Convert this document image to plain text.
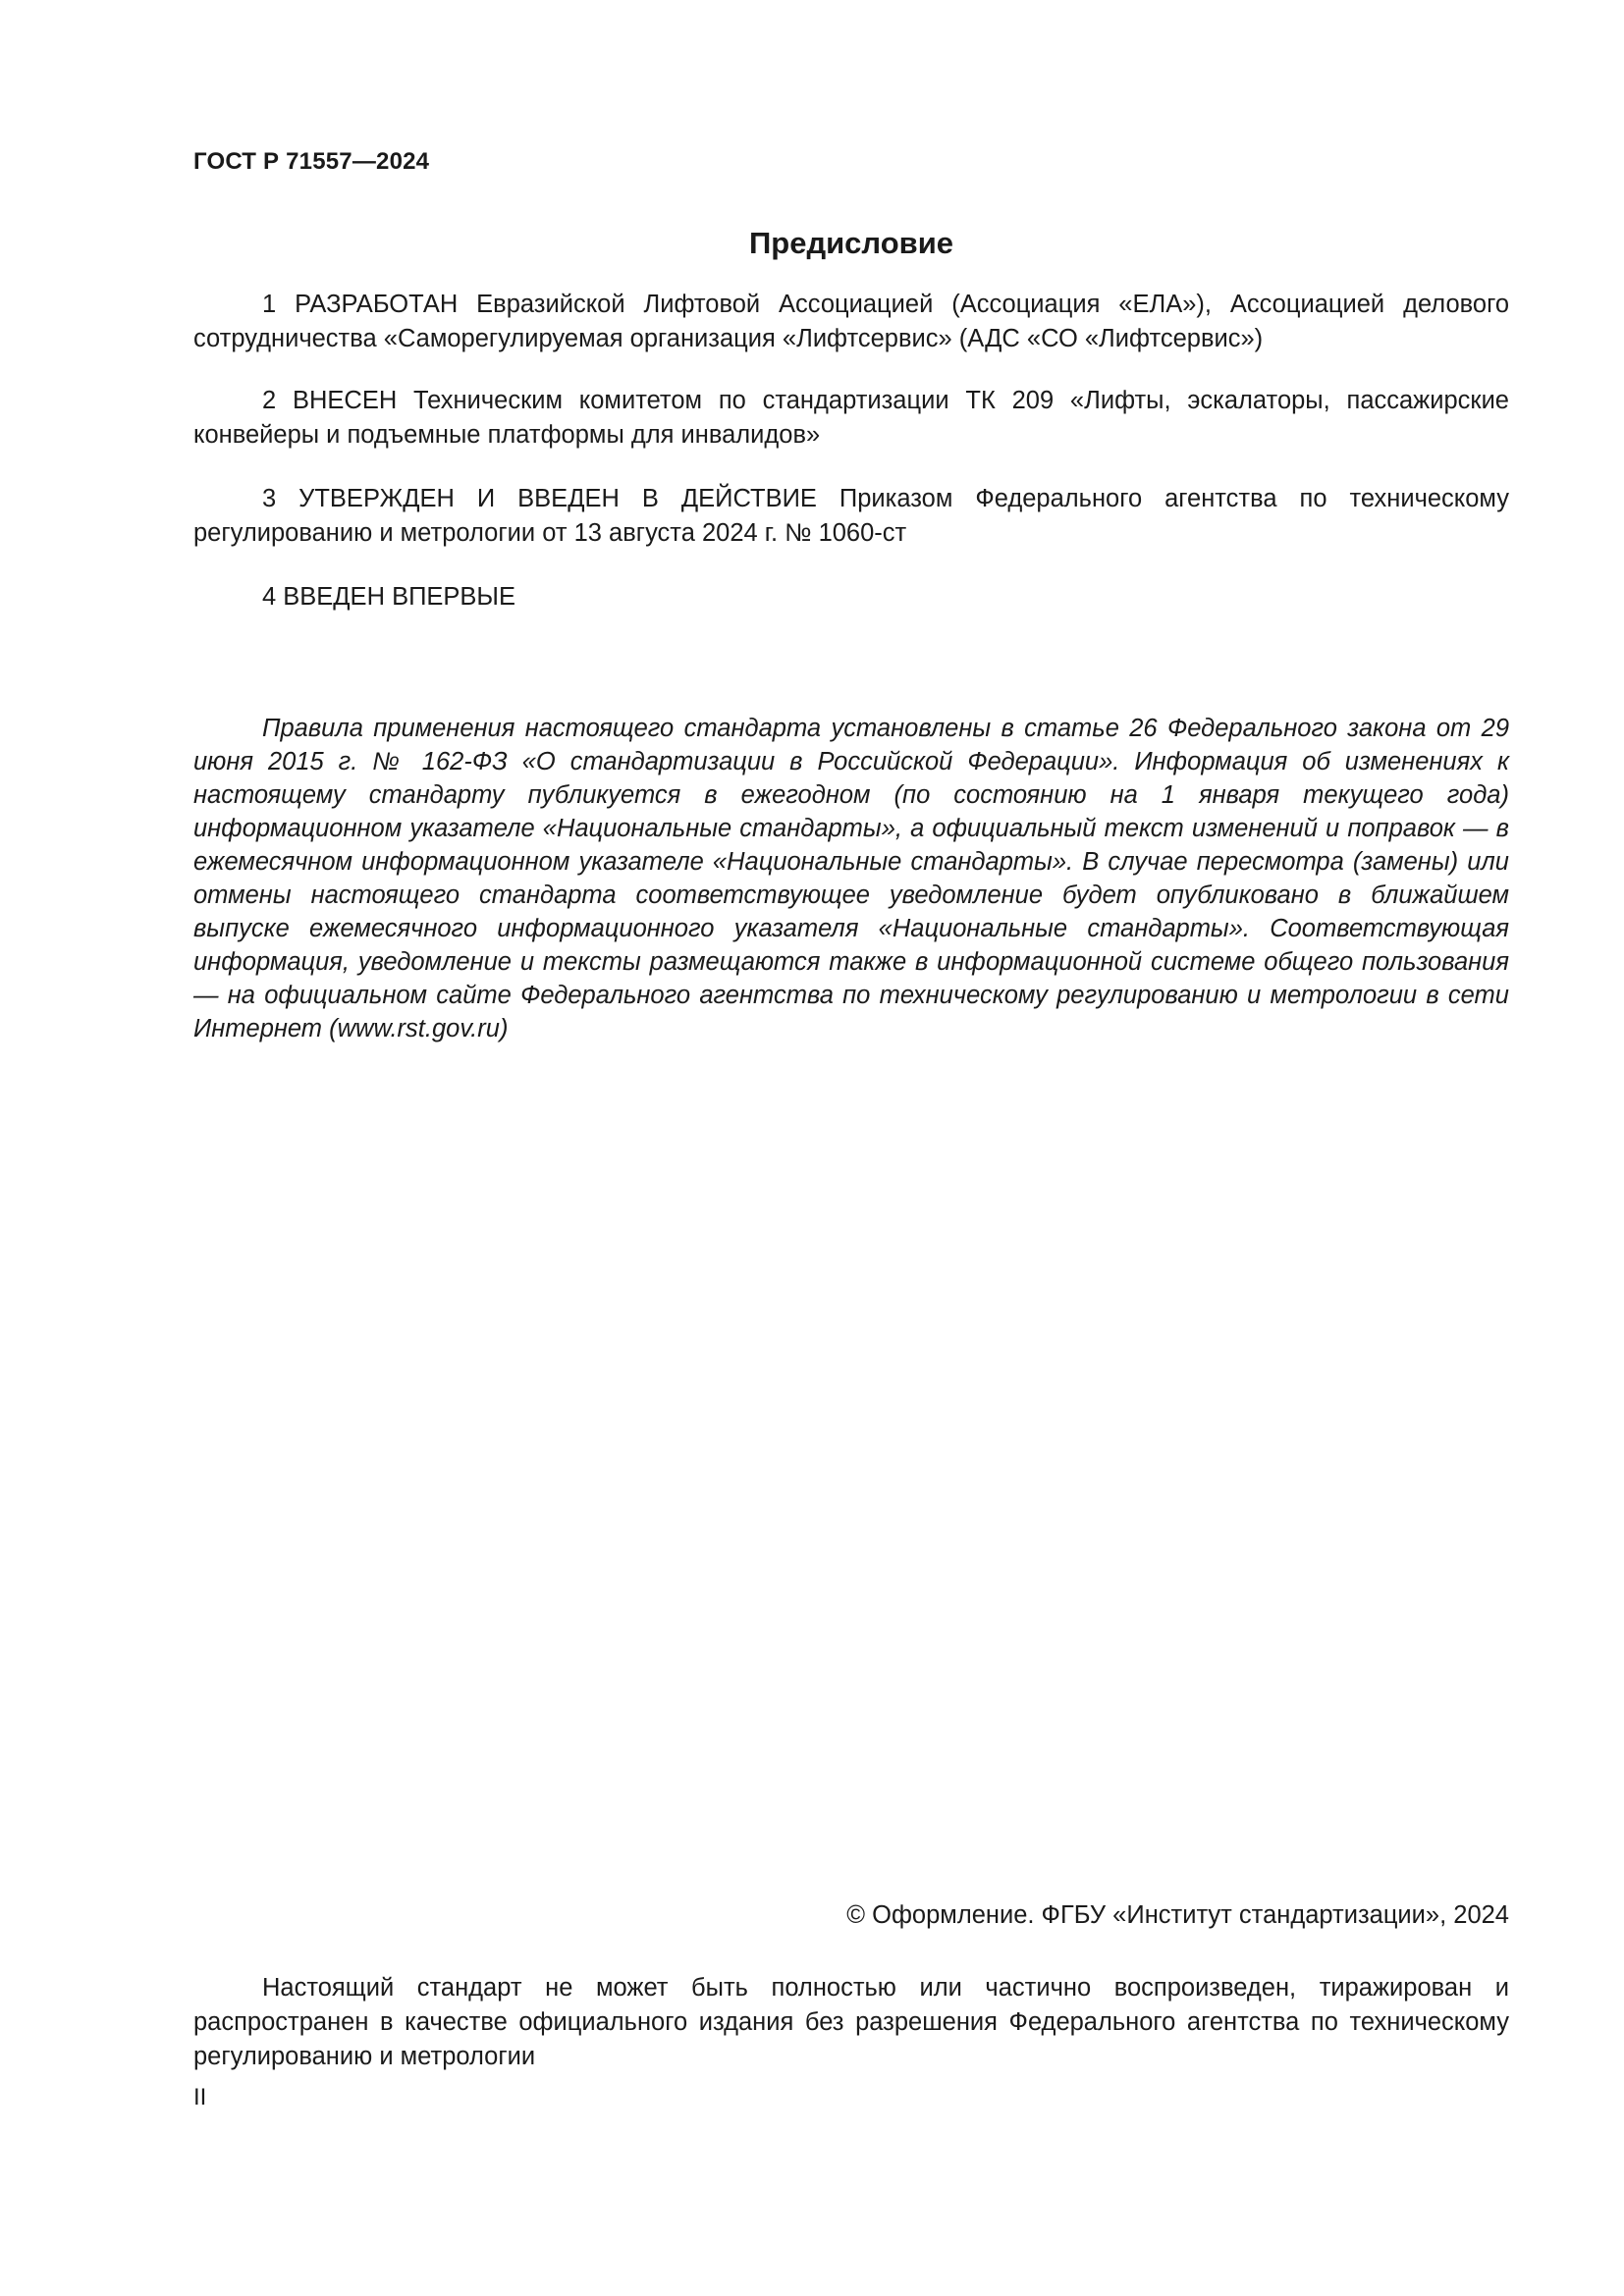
ГОСТ Р 71557—2024
Предисловие

1 РАЗРАБОТАН Евразийской Лифтовой Ассоциацией (Ассоциация «ЕЛА»), Ассоциацией делового сотрудничества «Саморегулируемая организация «Лифтсервис» (АДС «СО «Лифтсервис»)

2 ВНЕСЕН Техническим комитетом по стандартизации ТК 209 «Лифты, эскалаторы, пассажирские конвейеры и подъемные платформы для инвалидов»

3 УТВЕРЖДЕН И ВВЕДЕН В ДЕЙСТВИЕ Приказом Федерального агентства по техническому регулированию и метрологии от 13 августа 2024 г. № 1060-ст

4 ВВЕДЕН ВПЕРВЫЕ

Правила применения настоящего стандарта установлены в статье 26 Федерального закона от 29 июня 2015 г. № 162-ФЗ «О стандартизации в Российской Федерации». Информация об изменениях к настоящему стандарту публикуется в ежегодном (по состоянию на 1 января текущего года) информационном указателе «Национальные стандарты», а официальный текст изменений и поправок — в ежемесячном информационном указателе «Национальные стандарты». В случае пересмотра (замены) или отмены настоящего стандарта соответствующее уведомление будет опубликовано в ближайшем выпуске ежемесячного информационного указателя «Национальные стандарты». Соответствующая информация, уведомление и тексты размещаются также в информационной системе общего пользования — на официальном сайте Федерального агентства по техническому регулированию и метрологии в сети Интернет (www.rst.gov.ru)

© Оформление. ФГБУ «Институт стандартизации», 2024

Настоящий стандарт не может быть полностью или частично воспроизведен, тиражирован и распространен в качестве официального издания без разрешения Федерального агентства по техническому регулированию и метрологии

II
